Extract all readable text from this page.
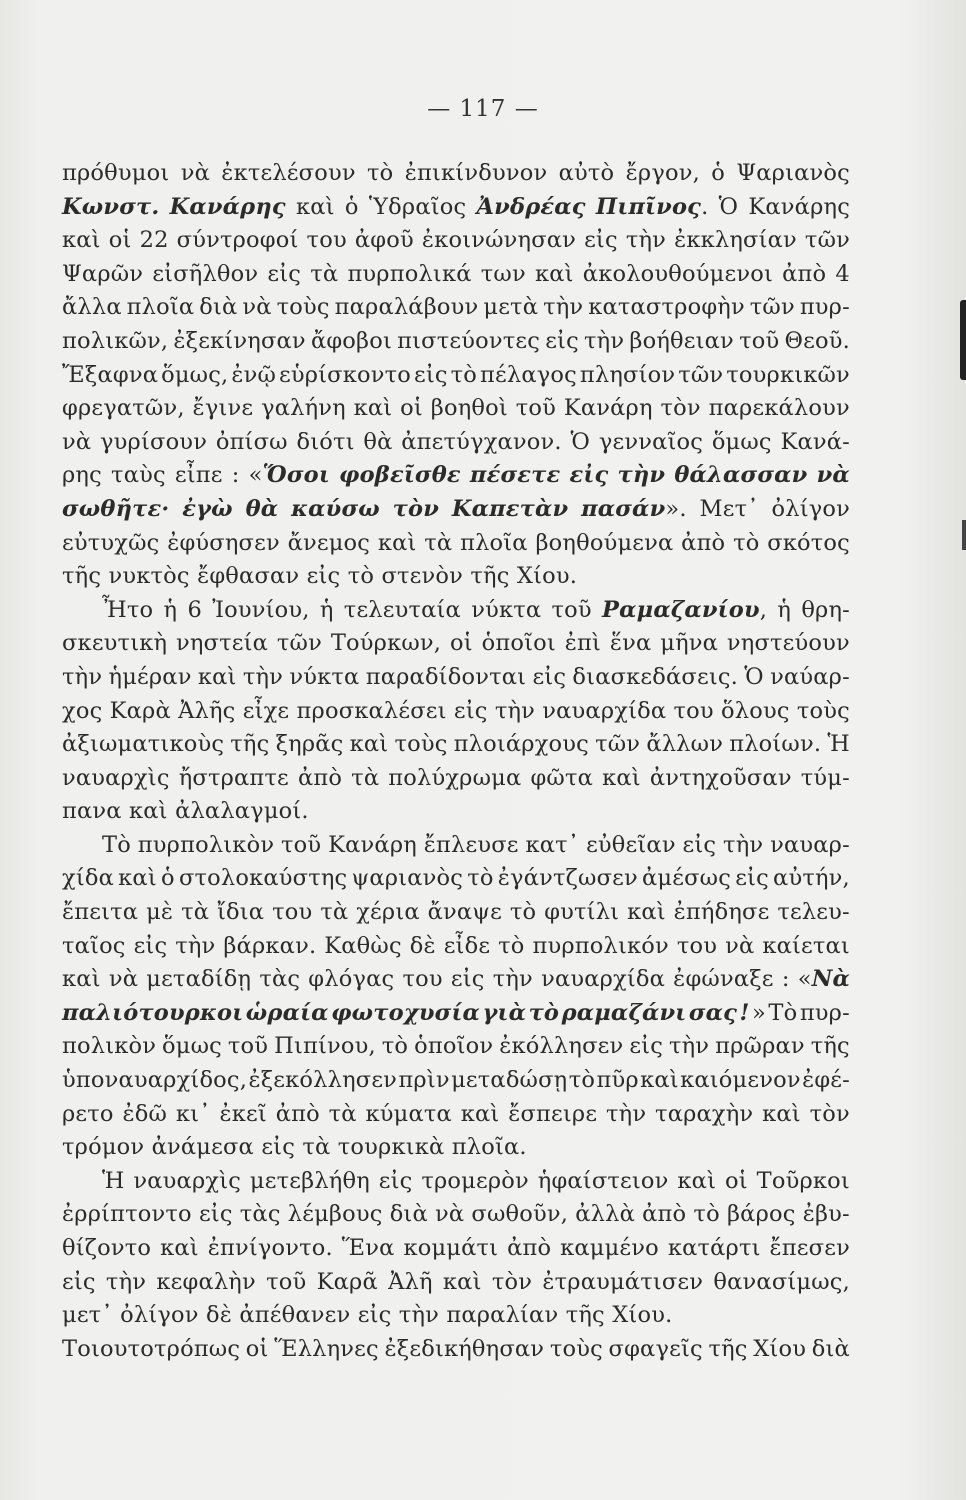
— 117 —
πρόθυμοι νὰ ἐκτελέσουν τὸ ἐπικίνδυνον αὐτὸ ἔργον, ὁ Ψαριανὸς
Κωνστ. Κανάρης καὶ ὁ Ὑδραῖος Ἀνδρέας Πιπῖνος. Ὁ Κανάρης
καὶ οἱ 22 σύντροφοί του ἀφοῦ ἐκοινώνησαν εἰς τὴν ἐκκλησίαν τῶν
Ψαρῶν εἰσῆλθον εἰς τὰ πυρπολικά των καὶ ἀκολουθούμενοι ἀπὸ 4
ἄλλα πλοῖα διὰ νὰ τοὺς παραλάβουν μετὰ τὴν καταστροφὴν τῶν πυρ-
πολικῶν, ἐξεκίνησαν ἄφοβοι πιστεύοντες εἰς τὴν βοήθειαν τοῦ Θεοῦ.
Ἔξαφνα ὅμως, ἐνῷ εὑρίσκοντο εἰς τὸ πέλαγος πλησίον τῶν τουρκικῶν
φρεγατῶν, ἔγινε γαλήνη καὶ οἱ βοηθοὶ τοῦ Κανάρη τὸν παρεκάλουν
νὰ γυρίσουν ὀπίσω διότι θὰ ἀπετύγχανον. Ὁ γενναῖος ὅμως Κανά-
ρης ταὺς εἶπε : «Ὅσοι φοβεῖσθε πέσετε εἰς τὴν θάλασσαν νὰ
σωθῆτε· ἐγὼ θὰ καύσω τὸν Καπετὰν πασάν». Μετ᾽ ὀλίγον
εὐτυχῶς ἐφύσησεν ἄνεμος καὶ τὰ πλοῖα βοηθούμενα ἀπὸ τὸ σκότος
τῆς
νυκτὸς
ἔφθασαν
εἰς
τὸ
στενὸν
τῆς
Χίου.
Ἦτο ἡ 6 Ἰουνίου, ἡ τελευταία νύκτα τοῦ Ραμαζανίου, ἡ θρη-
σκευτικὴ νηστεία τῶν Τούρκων, οἱ ὁποῖοι ἐπὶ ἕνα μῆνα νηστεύουν
τὴν ἡμέραν καὶ τὴν νύκτα παραδίδονται εἰς διασκεδάσεις. Ὁ ναύαρ-
χος Καρὰ Ἀλῆς εἶχε προσκαλέσει εἰς τὴν ναυαρχίδα του ὅλους τοὺς
ἀξιωματικοὺς τῆς ξηρᾶς καὶ τοὺς πλοιάρχους τῶν ἄλλων πλοίων. Ἡ
ναυαρχὶς ἤστραπτε ἀπὸ τὰ πολύχρωμα φῶτα καὶ ἀντηχοῦσαν τύμ-
πανα
καὶ
ἀλαλαγμοί.
Τὸ πυρπολικὸν τοῦ Κανάρη ἔπλευσε κατ᾽ εὐθεῖαν εἰς τὴν ναυαρ-
χίδα καὶ ὁ στολοκαύστης ψαριανὸς τὸ ἐγάντζωσεν ἀμέσως εἰς αὐτήν,
ἔπειτα μὲ τὰ ἴδια του τὰ χέρια ἄναψε τὸ φυτίλι καὶ ἐπήδησε τελευ-
ταῖος εἰς τὴν βάρκαν. Καθὼς δὲ εἶδε τὸ πυρπολικόν του νὰ καίεται
καὶ νὰ μεταδίδῃ τὰς φλόγας του εἰς τὴν ναυαρχίδα ἐφώναξε : «Νὰ
παλιότουρκοι ὡραία φωτοχυσία γιὰ τὸ ραμαζάνι σας ! » Τὸ πυρ-
πολικὸν ὅμως τοῦ Πιπίνου, τὸ ὁποῖον ἐκόλλησεν εἰς τὴν πρῶραν τῆς
ὑποναυαρχίδος, ἐξεκόλλησεν πρὶν μεταδώσῃ τὸ πῦρ καὶ καιόμενον ἐφέ-
ρετο ἐδῶ κι᾽ ἐκεῖ ἀπὸ τὰ κύματα καὶ ἔσπειρε τὴν ταραχὴν καὶ τὸν
τρόμον
ἀνάμεσα
εἰς
τὰ
τουρκικὰ
πλοῖα.
Ἡ ναυαρχὶς μετεβλήθη εἰς τρομερὸν ἡφαίστειον καὶ οἱ Τοῦρκοι
ἐρρίπτοντο εἰς τὰς λέμβους διὰ νὰ σωθοῦν, ἀλλὰ ἀπὸ τὸ βάρος ἐβυ-
θίζοντο καὶ ἐπνίγοντο. Ἕνα κομμάτι ἀπὸ καμμένο κατάρτι ἔπεσεν
εἰς τὴν κεφαλὴν τοῦ Καρᾶ Ἀλῆ καὶ τὸν ἐτραυμάτισεν θανασίμως,
μετ᾽
ὀλίγον
δὲ
ἀπέθανεν
εἰς
τὴν
παραλίαν
τῆς
Χίου.
Τοιουτοτρόπως οἱ Ἕλληνες ἐξεδικήθησαν τοὺς σφαγεῖς τῆς Χίου διὰ
